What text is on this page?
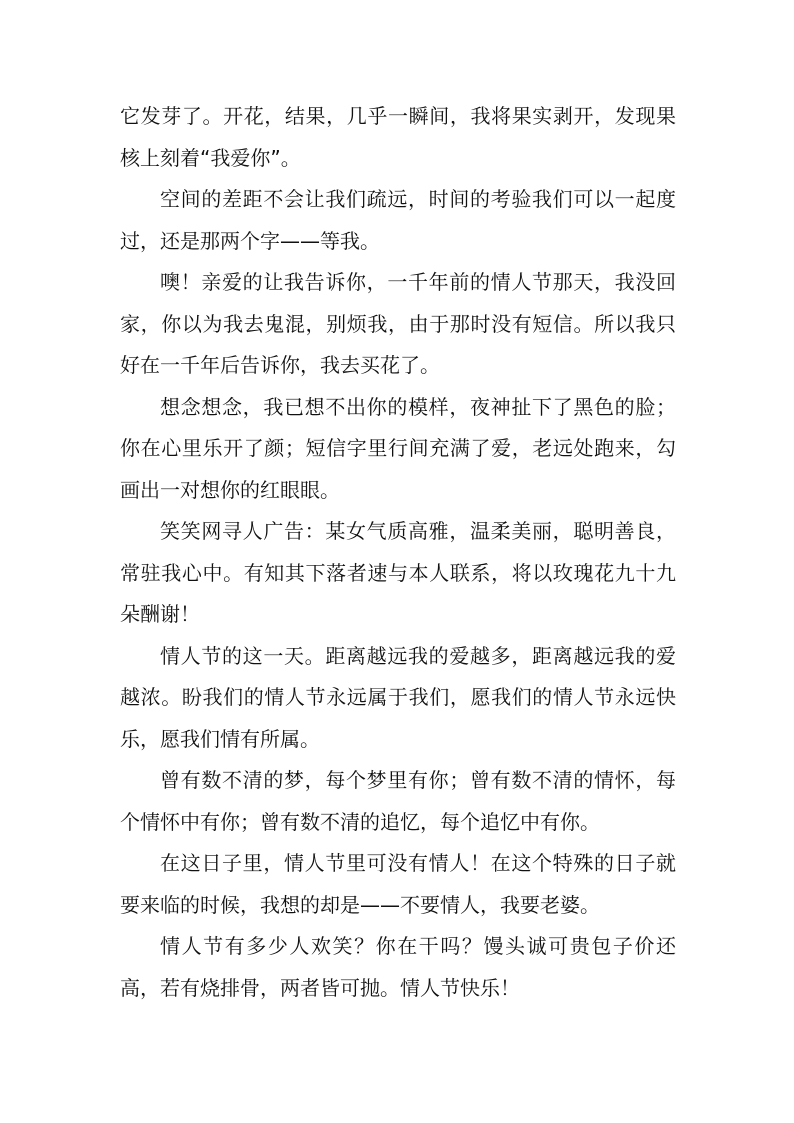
它发芽了。开花，结果，几乎一瞬间，我将果实剥开，发现果核上刻着“我爱你”。

空间的差距不会让我们疏远，时间的考验我们可以一起度过，还是那两个字——等我。

噢！亲爱的让我告诉你，一千年前的情人节那天，我没回家，你以为我去鬼混，别烦我，由于那时没有短信。所以我只好在一千年后告诉你，我去买花了。

想念想念，我已想不出你的模样，夜神扯下了黑色的脸；你在心里乐开了颜；短信字里行间充满了爱，老远处跑来，勾画出一对想你的红眼眼。

笑笑网寻人广告：某女气质高雅，温柔美丽，聪明善良，常驻我心中。有知其下落者速与本人联系，将以玫瑰花九十九朵酬谢！

情人节的这一天。距离越远我的爱越多，距离越远我的爱越浓。盼我们的情人节永远属于我们，愿我们的情人节永远快乐，愿我们情有所属。

曾有数不清的梦，每个梦里有你；曾有数不清的情怀，每个情怀中有你；曾有数不清的追忆，每个追忆中有你。

在这日子里，情人节里可没有情人！在这个特殊的日子就要来临的时候，我想的却是——不要情人，我要老婆。

情人节有多少人欢笑？你在干吗？馒头诚可贵包子价还高，若有烧排骨，两者皆可抛。情人节快乐！
